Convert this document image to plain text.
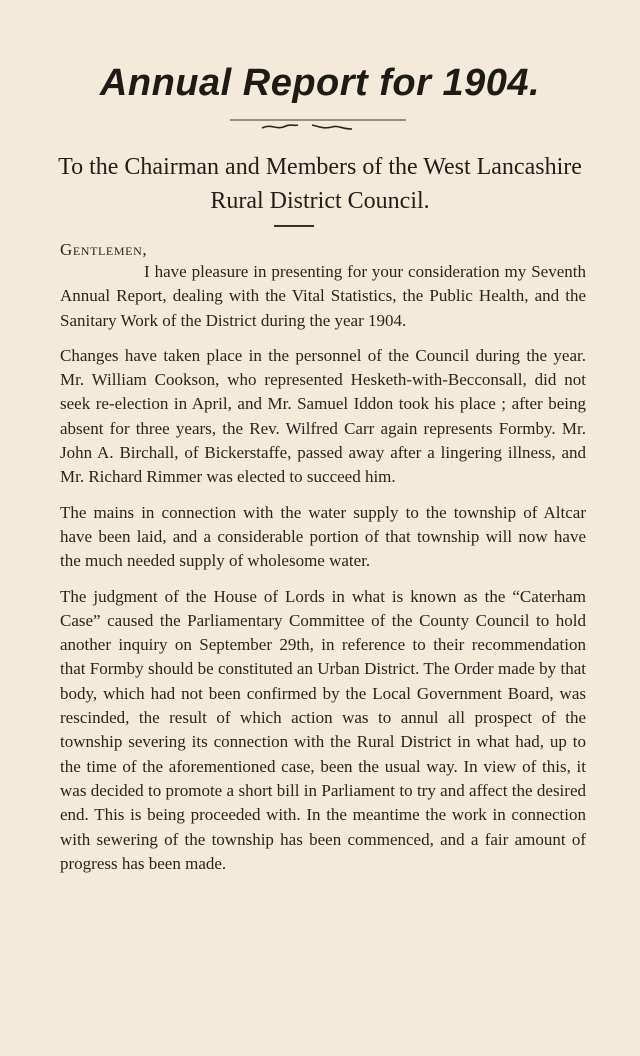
Annual Report for 1904.
To the Chairman and Members of the West Lancashire Rural District Council.
Gentlemen,

I have pleasure in presenting for your consideration my Seventh Annual Report, dealing with the Vital Statistics, the Public Health, and the Sanitary Work of the District during the year 1904.

Changes have taken place in the personnel of the Council during the year. Mr. William Cookson, who represented Hesketh-with-Becconsall, did not seek re-election in April, and Mr. Samuel Iddon took his place ; after being absent for three years, the Rev. Wilfred Carr again represents Formby. Mr. John A. Birchall, of Bickerstaffe, passed away after a lingering illness, and Mr. Richard Rimmer was elected to succeed him.

The mains in connection with the water supply to the township of Altcar have been laid, and a considerable portion of that township will now have the much needed supply of wholesome water.

The judgment of the House of Lords in what is known as the “Caterham Case” caused the Parliamentary Committee of the County Council to hold another inquiry on September 29th, in reference to their recommendation that Formby should be constituted an Urban District. The Order made by that body, which had not been confirmed by the Local Government Board, was rescinded, the result of which action was to annul all prospect of the township severing its connection with the Rural District in what had, up to the time of the aforementioned case, been the usual way. In view of this, it was decided to promote a short bill in Parliament to try and affect the desired end. This is being proceeded with. In the meantime the work in connection with sewering of the township has been commenced, and a fair amount of progress has been made.
